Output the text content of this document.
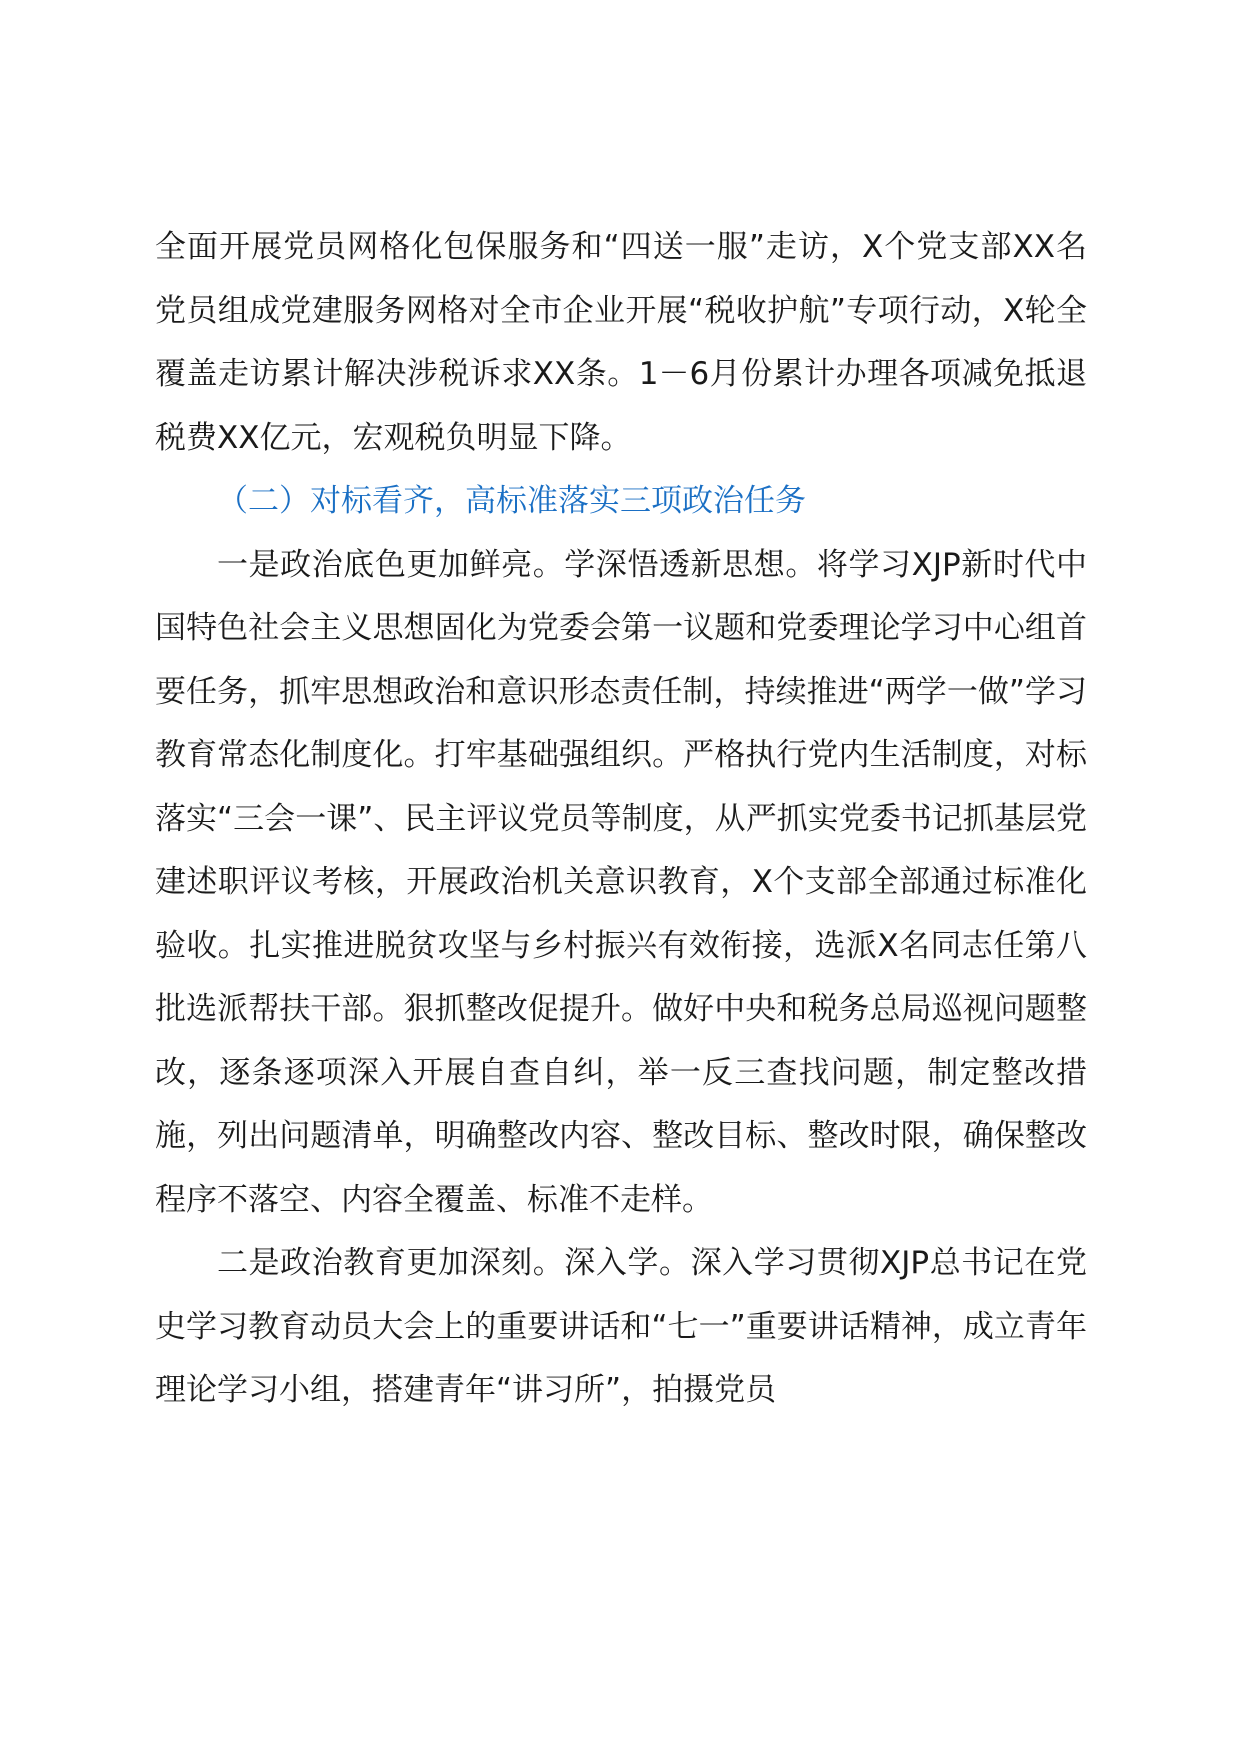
全面开展党员网格化包保服务和“四送一服”走访，X个党支部XX名党员组成党建服务网格对全市企业开展“税收护航”专项行动，X轮全覆盖走访累计解决涉税诉求XX条。1－6月份累计办理各项减免抵退税费XX亿元，宏观税负明显下降。

（二）对标看齐，高标准落实三项政治任务

一是政治底色更加鲜亮。学深悟透新思想。将学习XJP新时代中国特色社会主义思想固化为党委会第一议题和党委理论学习中心组首要任务，抓牢思想政治和意识形态责任制，持续推进“两学一做”学习教育常态化制度化。打牢基础强组织。严格执行党内生活制度，对标落实“三会一课”、民主评议党员等制度，从严抓实党委书记抓基层党建述职评议考核，开展政治机关意识教育，X个支部全部通过标准化验收。扎实推进脱贫攻坚与乡村振兴有效衔接，选派X名同志任第八批选派帮扶干部。狠抓整改促提升。做好中央和税务总局巡视问题整改，逐条逐项深入开展自查自纠，举一反三查找问题，制定整改措施，列出问题清单，明确整改内容、整改目标、整改时限，确保整改程序不落空、内容全覆盖、标准不走样。

二是政治教育更加深刻。深入学。深入学习贯彻XJP总书记在党史学习教育动员大会上的重要讲话和“七一”重要讲话精神，成立青年理论学习小组，搭建青年“讲习所”，拍摄党员
